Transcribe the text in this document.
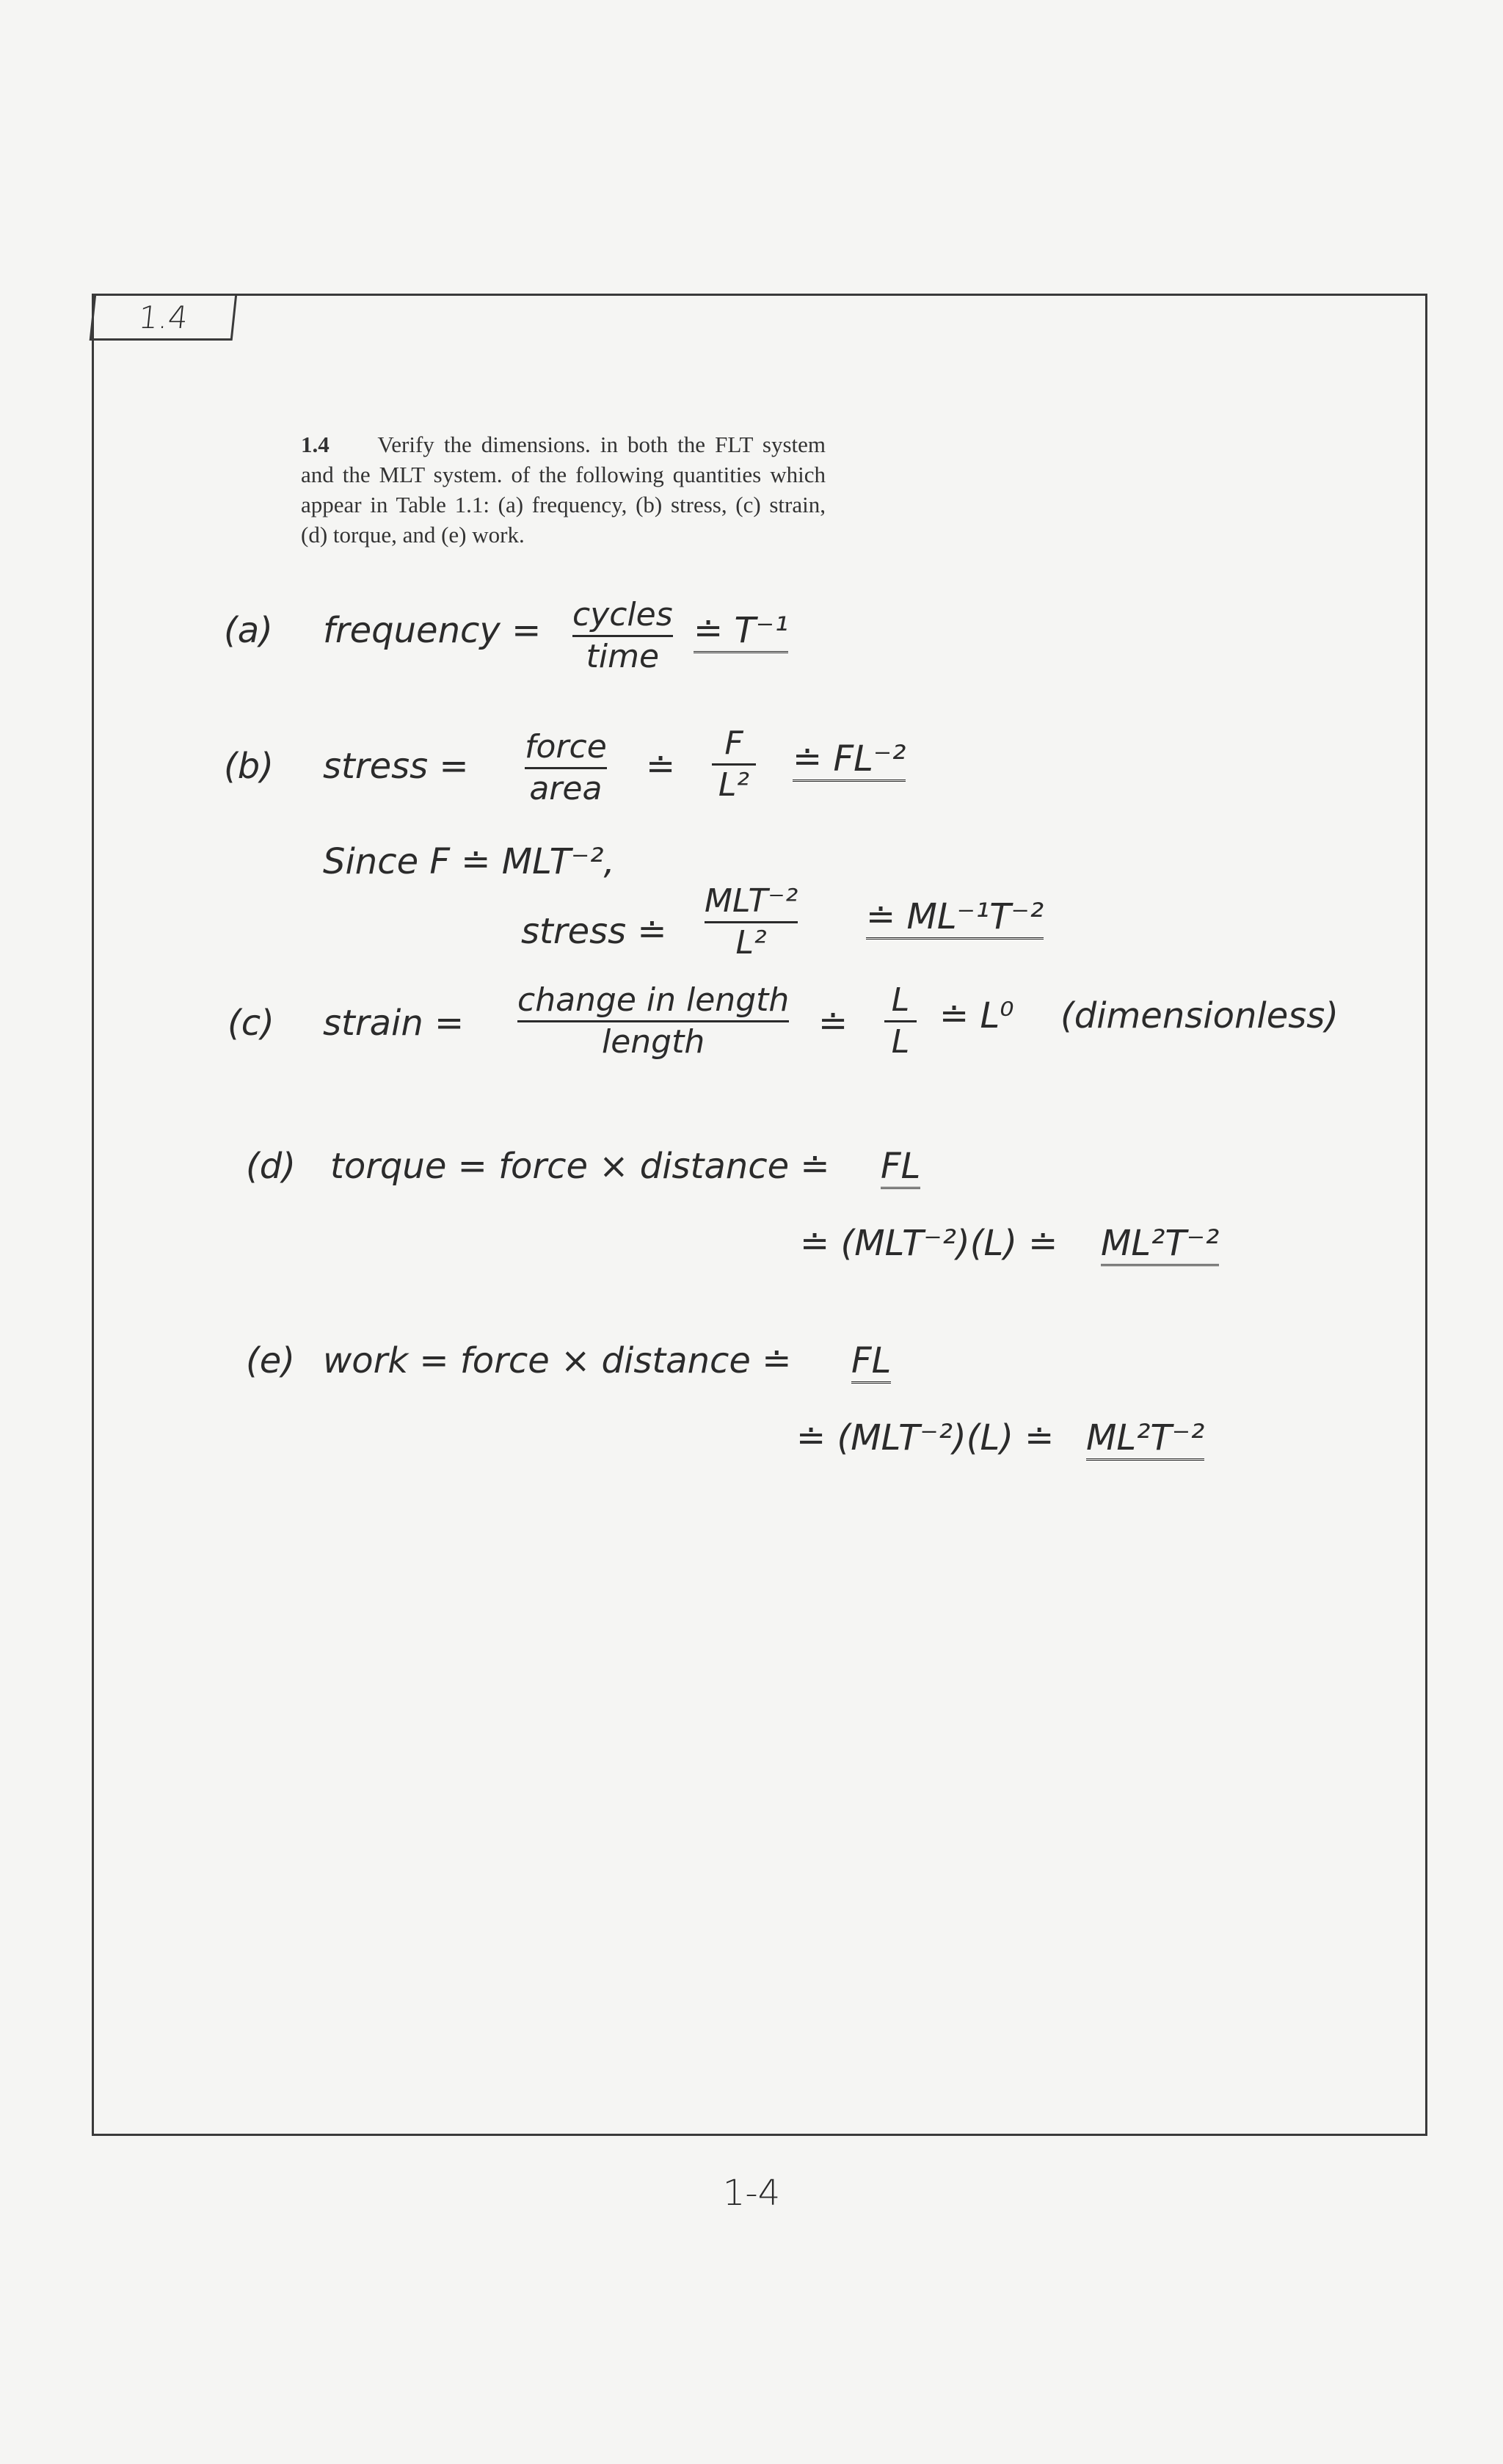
1.4
1.4 Verify the dimensions. in both the FLT system and the MLT system. of the following quantities which appear in Table 1.1: (a) frequency, (b) stress, (c) strain, (d) torque, and (e) work.
(a) frequency = cycles
time
≐ T⁻¹
(b) stress = force
area
≐
F
L²
≐ FL⁻²
Since F ≐ MLT⁻²,
stress ≐
MLT⁻²
L²
≐ ML⁻¹T⁻²
(c) strain =
change in length
length	≐
L
L
≐ L⁰ (dimensionless)
(d) torque = force × distance ≐ FL
≐ (MLT⁻²)(L) ≐ ML²T⁻²
(e) work = force × distance ≐ FL
≐ (MLT⁻²)(L) ≐ ML²T⁻²
1-4
